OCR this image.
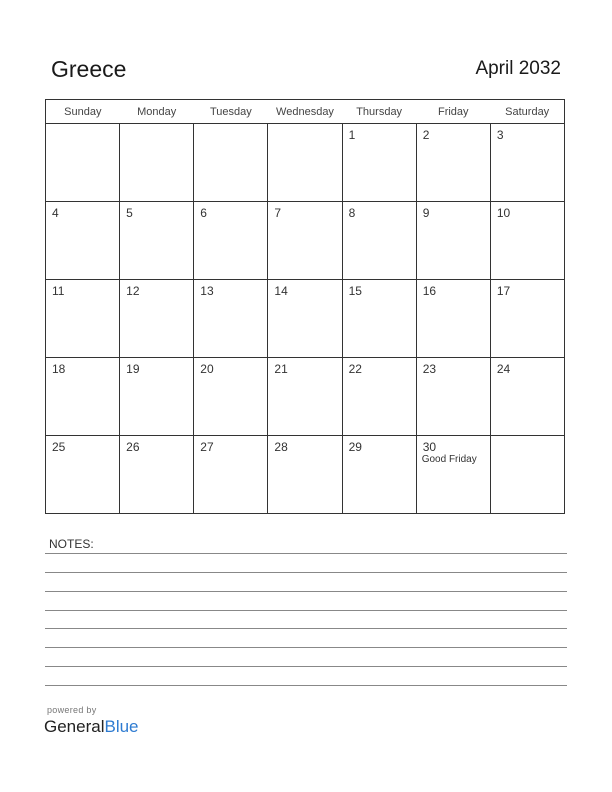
Greece	April 2032
Sunday	Monday	Tuesday	Wednesday	Thursday	Friday	Saturday

				1	2	3

4	5	6	7	8	9	10

11	12	13	14	15	16	17

18	19	20	21	22	23	24

25	26	27	28	29	30
Good Friday	

NOTES:
powered by
GeneralBlue
